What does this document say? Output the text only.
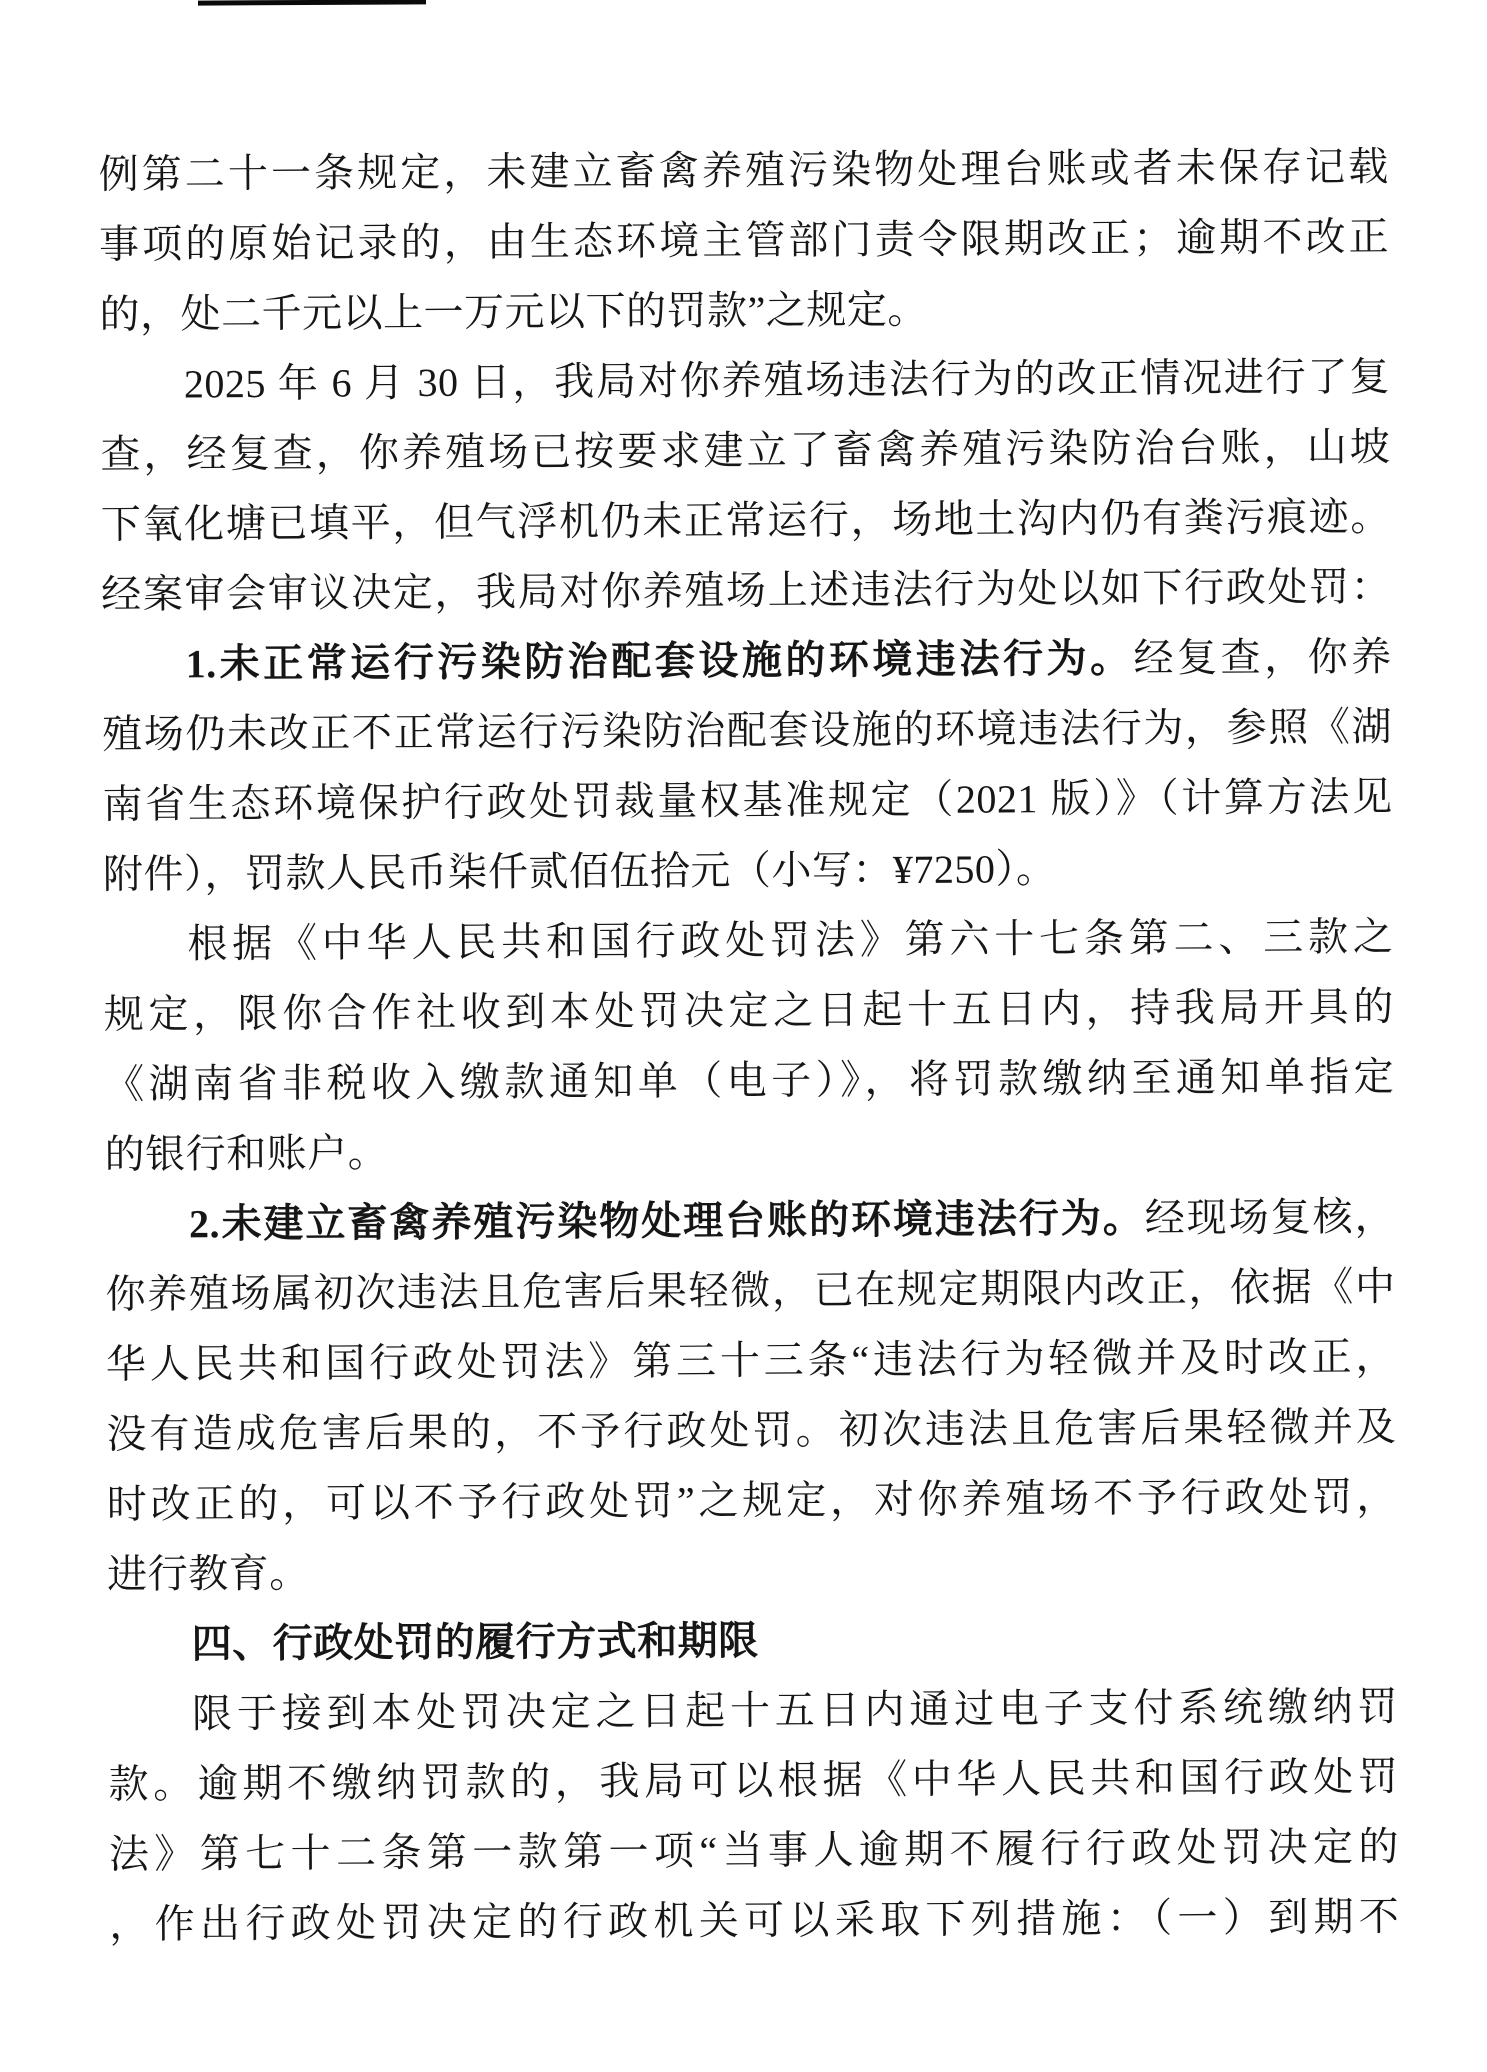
例第二十一条规定，未建立畜禽养殖污染物处理台账或者未保存记载
事项的原始记录的，由生态环境主管部门责令限期改正；逾期不改正
的，处二千元以上一万元以下的罚款”之规定。
2025 年 6 月 30 日，我局对你养殖场违法行为的改正情况进行了复
查，经复查，你养殖场已按要求建立了畜禽养殖污染防治台账，山坡
下氧化塘已填平，但气浮机仍未正常运行，场地土沟内仍有粪污痕迹。
经案审会审议决定，我局对你养殖场上述违法行为处以如下行政处罚：
1.未正常运行污染防治配套设施的环境违法行为。经复查，你养
殖场仍未改正不正常运行污染防治配套设施的环境违法行为，参照《湖
南省生态环境保护行政处罚裁量权基准规定（2021 版）》（计算方法见
附件），罚款人民币柒仟贰佰伍拾元（小写：¥7250）。
根据《中华人民共和国行政处罚法》第六十七条第二、三款之
规定，限你合作社收到本处罚决定之日起十五日内，持我局开具的
《湖南省非税收入缴款通知单（电子）》，将罚款缴纳至通知单指定
的银行和账户。
2.未建立畜禽养殖污染物处理台账的环境违法行为。经现场复核，
你养殖场属初次违法且危害后果轻微，已在规定期限内改正，依据《中
华人民共和国行政处罚法》第三十三条“违法行为轻微并及时改正，
没有造成危害后果的，不予行政处罚。初次违法且危害后果轻微并及
时改正的，可以不予行政处罚”之规定，对你养殖场不予行政处罚，
进行教育。
四、行政处罚的履行方式和期限
限于接到本处罚决定之日起十五日内通过电子支付系统缴纳罚
款。逾期不缴纳罚款的，我局可以根据《中华人民共和国行政处罚
法》第七十二条第一款第一项“当事人逾期不履行行政处罚决定的
，作出行政处罚决定的行政机关可以采取下列措施：（一）到期不
